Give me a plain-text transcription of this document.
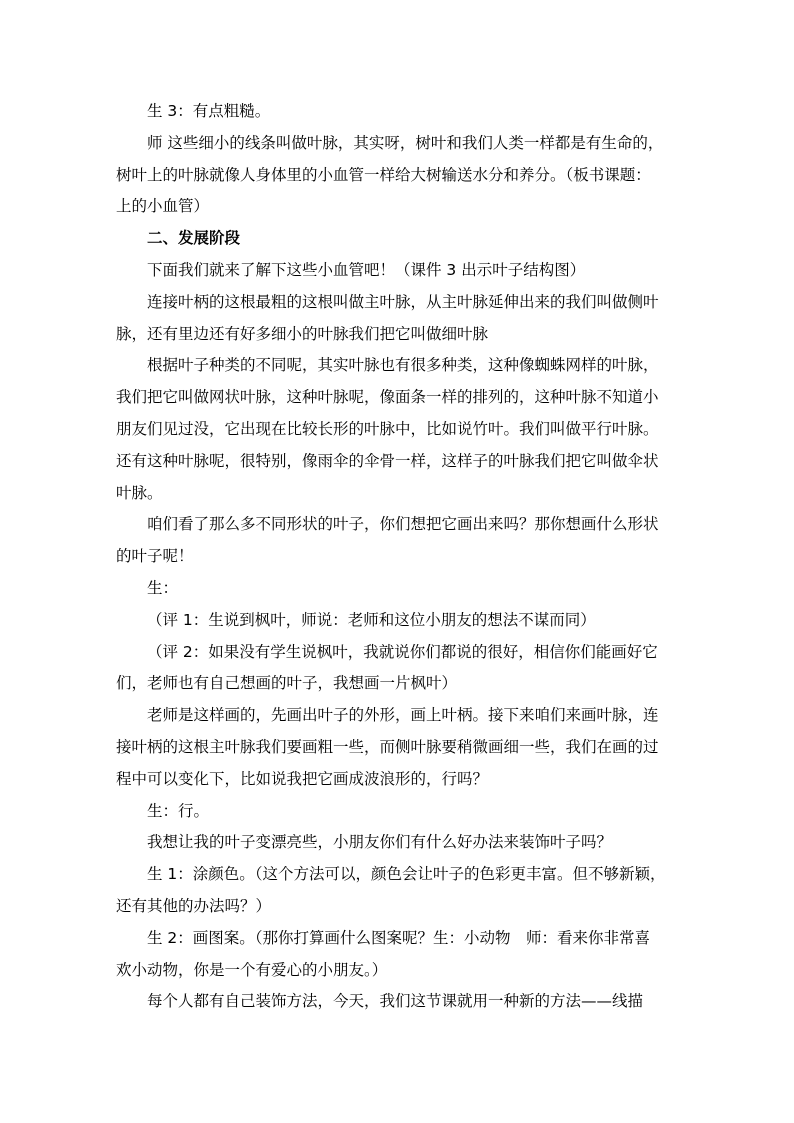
生 3：有点粗糙。
师 这些细小的线条叫做叶脉，其实呀，树叶和我们人类一样都是有生命的，
树叶上的叶脉就像人身体里的小血管一样给大树输送水分和养分。（板书课题：
上的小血管）
二、发展阶段
下面我们就来了解下这些小血管吧！（课件 3 出示叶子结构图）
连接叶柄的这根最粗的这根叫做主叶脉，从主叶脉延伸出来的我们叫做侧叶
脉，还有里边还有好多细小的叶脉我们把它叫做细叶脉
根据叶子种类的不同呢，其实叶脉也有很多种类，这种像蜘蛛网样的叶脉，
我们把它叫做网状叶脉，这种叶脉呢，像面条一样的排列的，这种叶脉不知道小
朋友们见过没，它出现在比较长形的叶脉中，比如说竹叶。我们叫做平行叶脉。
还有这种叶脉呢，很特别，像雨伞的伞骨一样，这样子的叶脉我们把它叫做伞状
叶脉。
咱们看了那么多不同形状的叶子，你们想把它画出来吗？那你想画什么形状
的叶子呢！
生：
（评 1：生说到枫叶，师说：老师和这位小朋友的想法不谋而同）
（评 2：如果没有学生说枫叶，我就说你们都说的很好，相信你们能画好它
们，老师也有自己想画的叶子，我想画一片枫叶）
老师是这样画的，先画出叶子的外形，画上叶柄。接下来咱们来画叶脉，连
接叶柄的这根主叶脉我们要画粗一些，而侧叶脉要稍微画细一些，我们在画的过
程中可以变化下，比如说我把它画成波浪形的，行吗？
生：行。
我想让我的叶子变漂亮些，小朋友你们有什么好办法来装饰叶子吗？
生 1：涂颜色。（这个方法可以，颜色会让叶子的色彩更丰富。但不够新颖，
还有其他的办法吗？）
生 2：画图案。（那你打算画什么图案呢？生：小动物　师：看来你非常喜
欢小动物，你是一个有爱心的小朋友。）
每个人都有自己装饰方法，今天，我们这节课就用一种新的方法——线描
